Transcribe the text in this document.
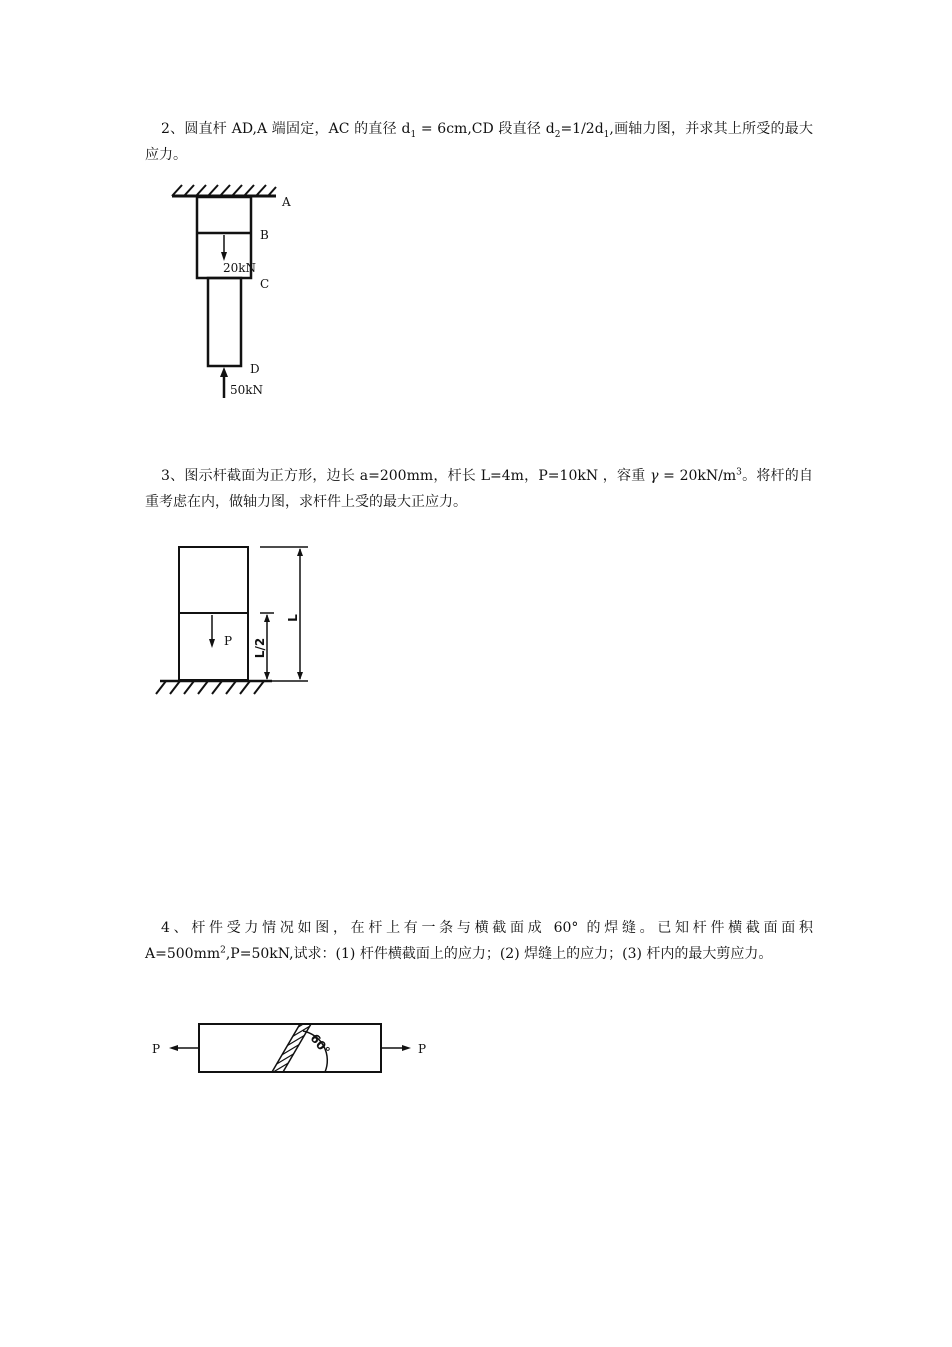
2、圆直杆 AD,A 端固定，AC 的直径 $d_1 = 6cm,CD$ 段直径 $d_2=1/2d_1$,画轴力图，并求其上所受的最大应力。

A
B
20kN
C
D
50kN

3、图示杆截面为正方形，边长 a=200mm，杆长 L=4m，P=10kN ，容重 $\gamma = 20kN/m^3$。将杆的自重考虑在内，做轴力图，求杆件上受的最大正应力。

P
L
L/2

4、杆件受力情况如图，在杆上有一条与横截面成 60° 的焊缝。已知杆件横截面面积$A=500mm^2,P=50kN$,试求：(1) 杆件横截面上的应力；(2) 焊缝上的应力；(3) 杆内的最大剪应力。

60°
P	P
